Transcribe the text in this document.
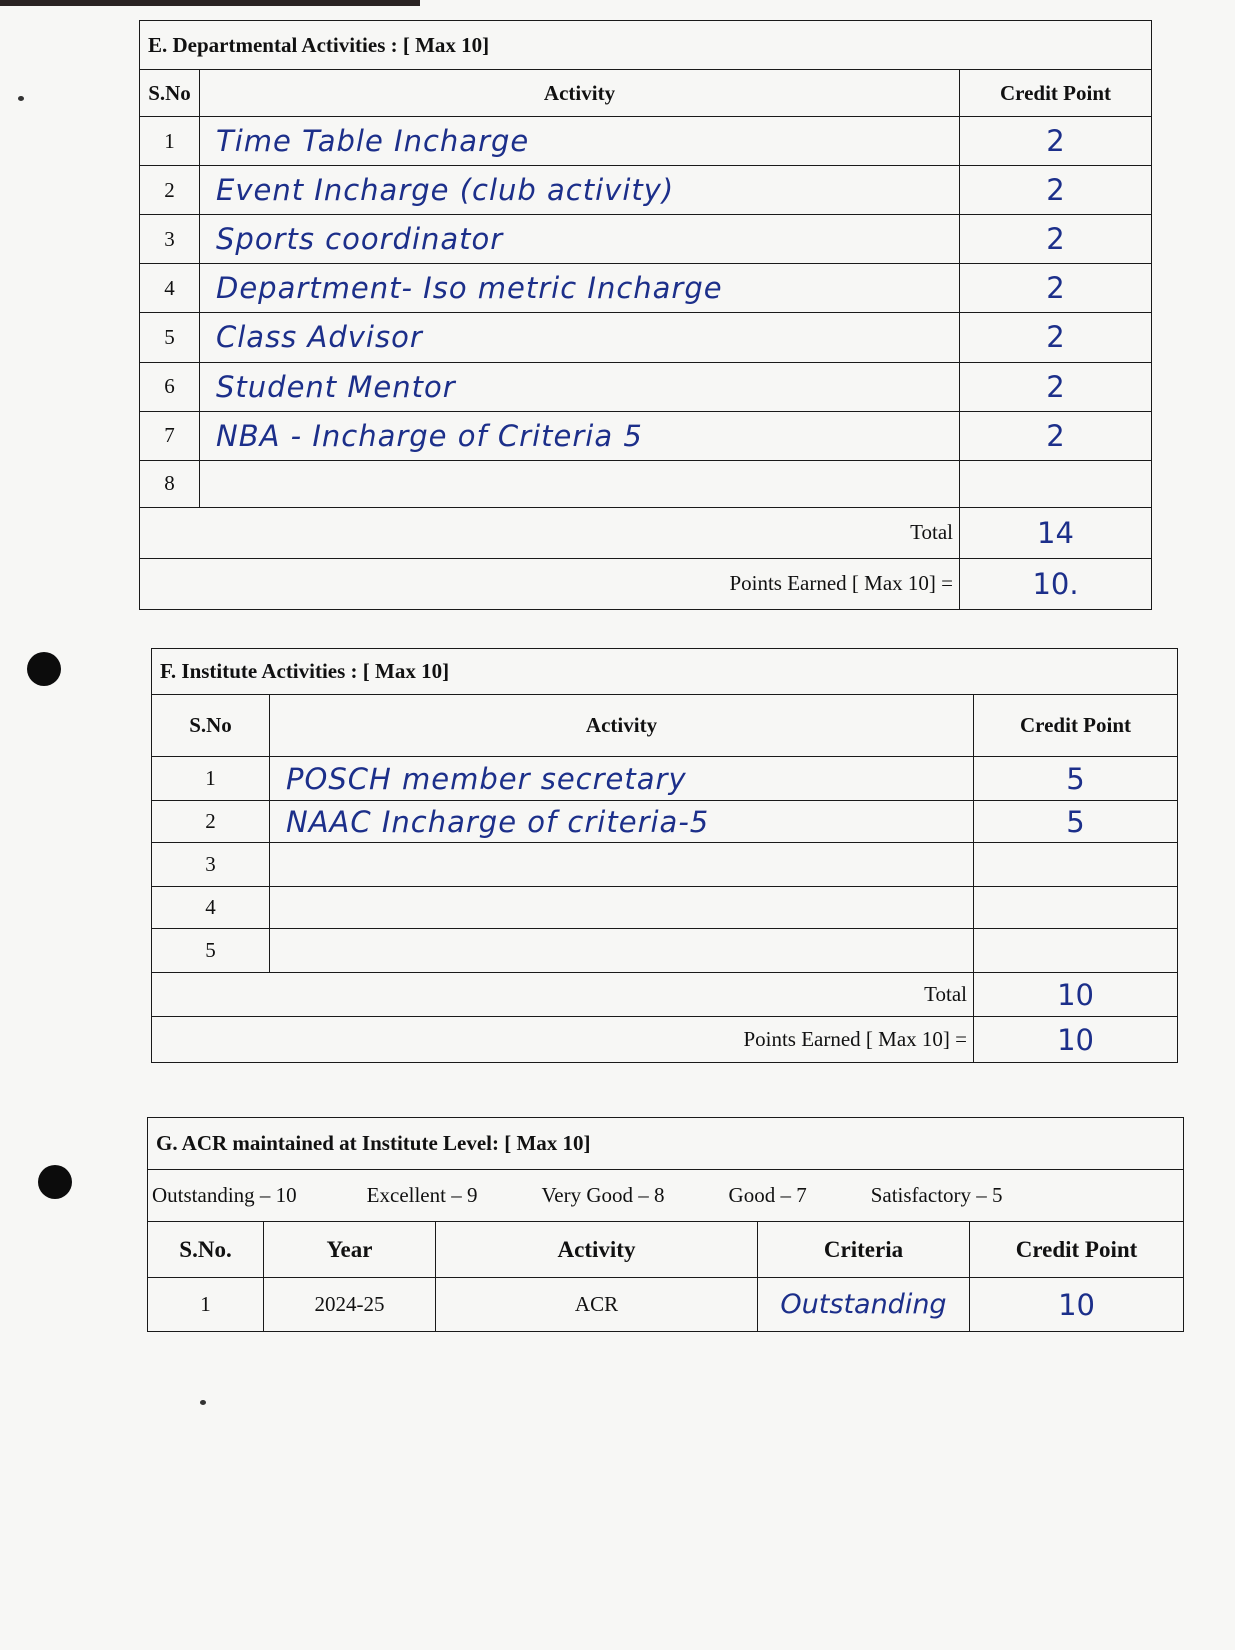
E. Departmental Activities : [ Max 10]		
S.No	Activity	Credit Point
1	Time Table Incharge	2
2	Event Incharge (club activity)	2
3	Sports coordinator	2
4	Department- Iso metric Incharge	2
5	Class Advisor	2
6	Student Mentor	2
7	NBA - Incharge of Criteria 5	2
8		
Total		14
Points Earned [ Max 10] =		10.
F. Institute Activities : [ Max 10]		
S.No	Activity	Credit Point
1	POSCH member secretary	5
2	NAAC Incharge of criteria-5	5
3		
4		
5		
Total		10
Points Earned [ Max 10] =		10
G. ACR maintained at Institute Level: [ Max 10]				
Outstanding – 10 Excellent – 9 Very Good – 8 Good – 7 Satisfactory – 5				
S.No.	Year	Activity	Criteria	Credit Point
1	2024-25	ACR	Outstanding	10
